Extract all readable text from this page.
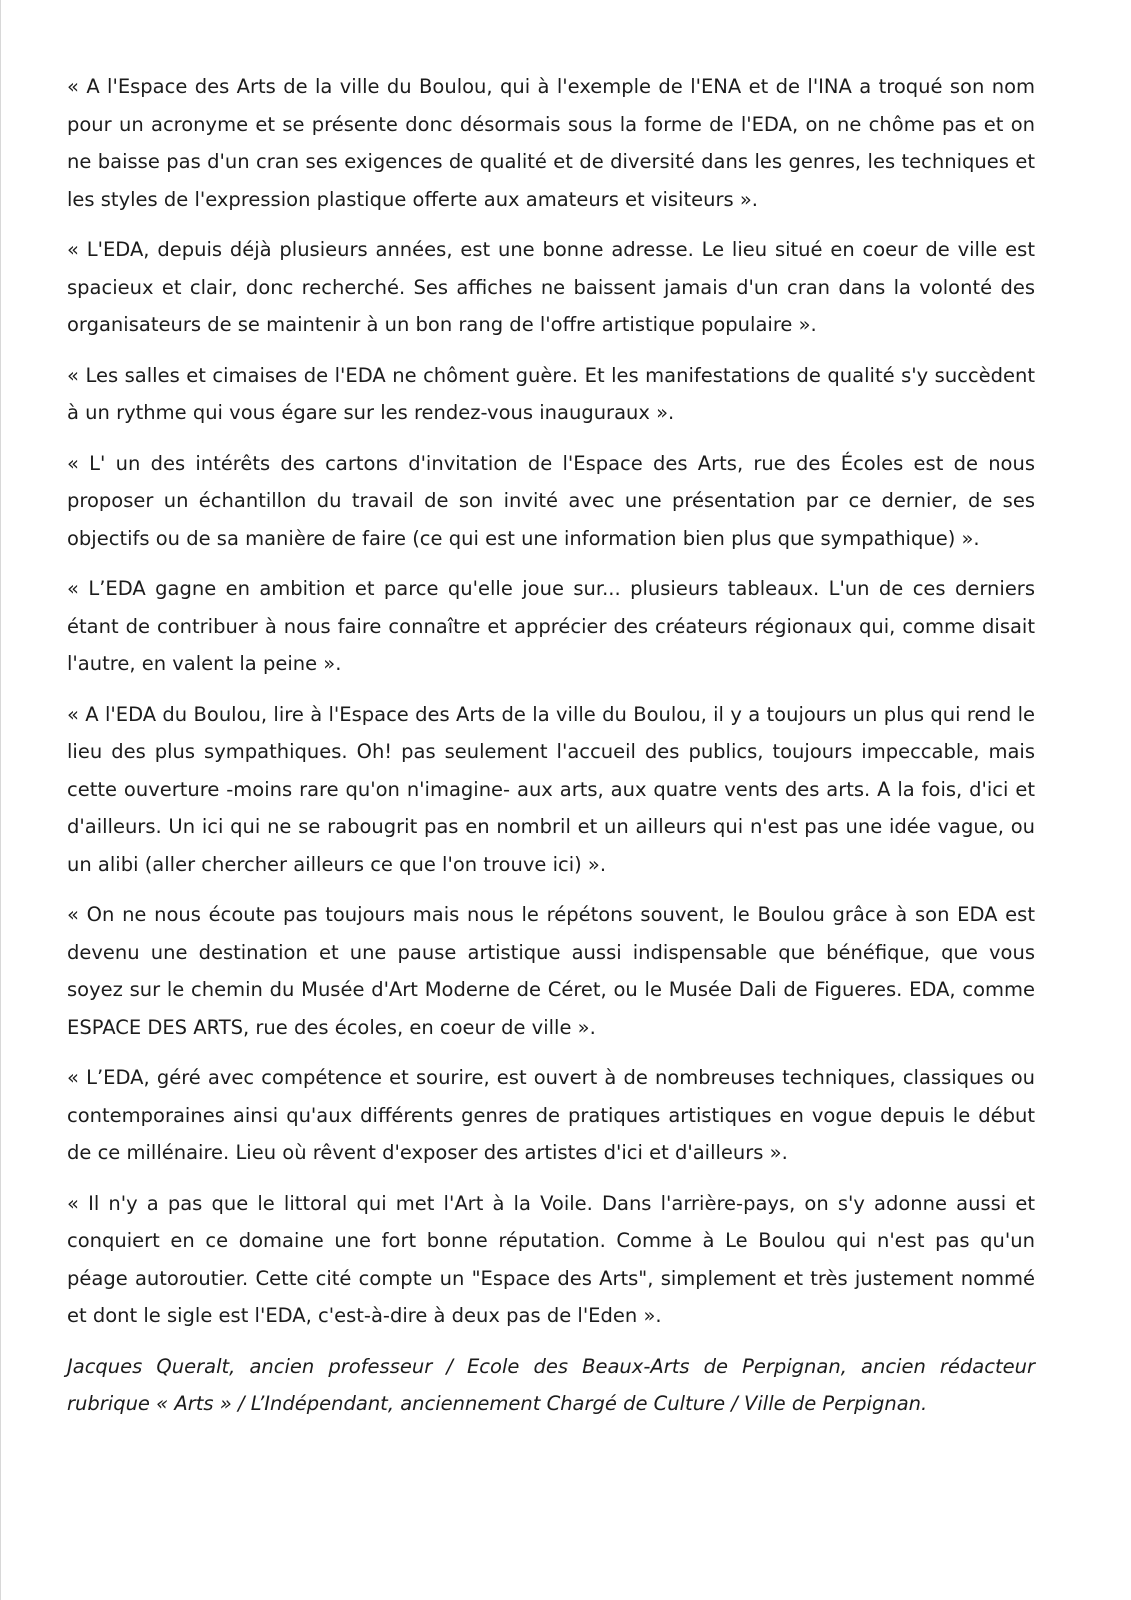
« A l'Espace des Arts de la ville du Boulou, qui à l'exemple de l'ENA et de l'INA a troqué son nom pour un acronyme et se présente donc désormais sous la forme de l'EDA, on ne chôme pas et on ne baisse pas d'un cran ses exigences de qualité et de diversité dans les genres, les techniques et les styles de l'expression plastique offerte aux amateurs et visiteurs ».

« L'EDA, depuis déjà plusieurs années, est une bonne adresse. Le lieu situé en coeur de ville est spacieux et clair, donc recherché. Ses affiches ne baissent jamais d'un cran dans la volonté des organisateurs de se maintenir à un bon rang de l'offre artistique populaire ».

« Les salles et cimaises de l'EDA ne chôment guère. Et les manifestations de qualité s'y succèdent à un rythme qui vous égare sur les rendez-vous inauguraux ».

« L' un des intérêts des cartons d'invitation de l'Espace des Arts, rue des Écoles est de nous proposer un échantillon du travail de son invité avec une présentation par ce dernier, de ses objectifs ou de sa manière de faire (ce qui est une information bien plus que sympathique) ».

« L’EDA gagne en ambition et parce qu'elle joue sur... plusieurs tableaux. L'un de ces derniers étant de contribuer à nous faire connaître et apprécier des créateurs régionaux qui, comme disait l'autre, en valent la peine ».

« A l'EDA du Boulou, lire à l'Espace des Arts de la ville du Boulou, il y a toujours un plus qui rend le lieu des plus sympathiques. Oh! pas seulement l'accueil des publics, toujours impeccable, mais cette ouverture -moins rare qu'on n'imagine- aux arts, aux quatre vents des arts. A la fois, d'ici et d'ailleurs. Un ici qui ne se rabougrit pas en nombril et un ailleurs qui n'est pas une idée vague, ou un alibi (aller chercher ailleurs ce que l'on trouve ici) ».

« On ne nous écoute pas toujours mais nous le répétons souvent, le Boulou grâce à son EDA est devenu une destination et une pause artistique aussi indispensable que bénéfique, que vous soyez sur le chemin du Musée d'Art Moderne de Céret, ou le Musée Dali de Figueres. EDA, comme ESPACE DES ARTS, rue des écoles, en coeur de ville ».

« L’EDA, géré avec compétence et sourire, est ouvert à de nombreuses techniques, classiques ou contemporaines ainsi qu'aux différents genres de pratiques artistiques en vogue depuis le début de ce millénaire. Lieu où rêvent d'exposer des artistes d'ici et d'ailleurs ».

« Il n'y a pas que le littoral qui met l'Art à la Voile. Dans l'arrière-pays, on s'y adonne aussi et conquiert en ce domaine une fort bonne réputation. Comme à Le Boulou qui n'est pas qu'un péage autoroutier. Cette cité compte un "Espace des Arts", simplement et très justement nommé et dont le sigle est l'EDA, c'est-à-dire à deux pas de l'Eden ».

Jacques Queralt, ancien professeur / Ecole des Beaux-Arts de Perpignan, ancien rédacteur rubrique « Arts » / L’Indépendant, anciennement Chargé de Culture / Ville de Perpignan.
